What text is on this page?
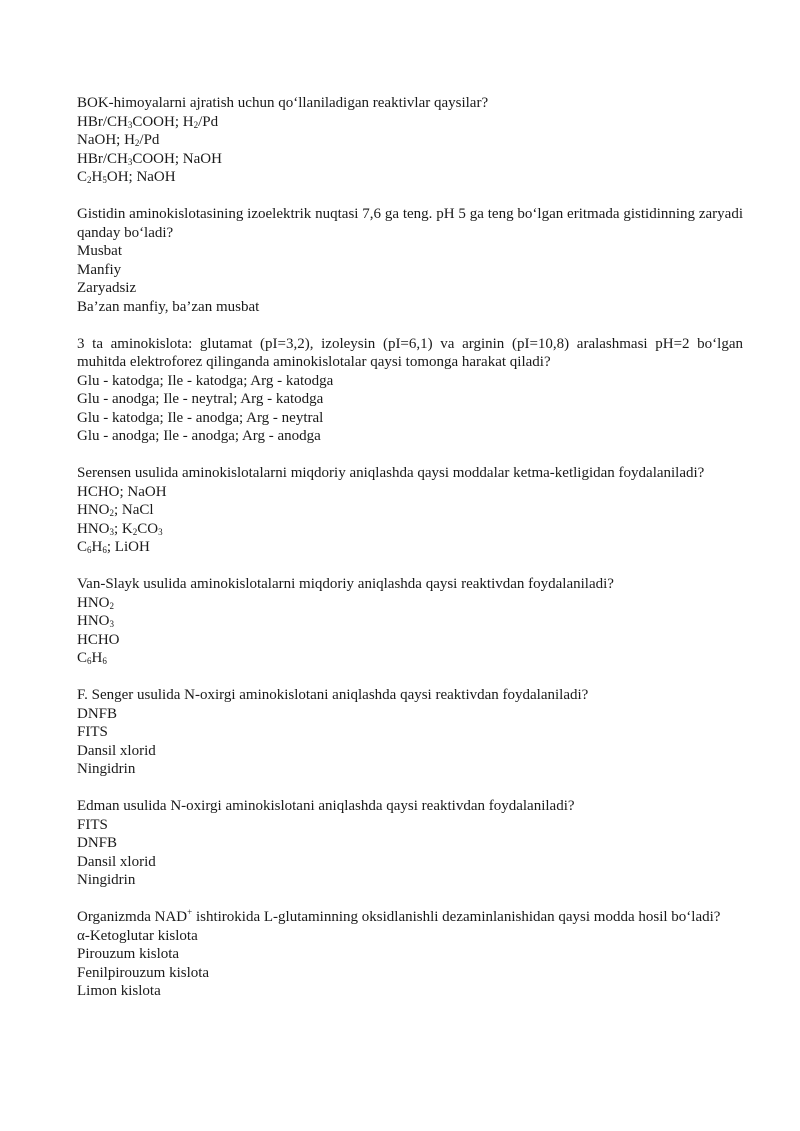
BOK-himoyalarni ajratish uchun qo‘llaniladigan reaktivlar qaysilar?
HBr/$CH_3COOH$; $H_2/Pd$
NaOH; $H_2/Pd$
HBr/$CH_3COOH$; NaOH
$C_2H_5OH$; NaOH
Gistidin aminokislotasining izoelektrik nuqtasi 7,6 ga teng. pH 5 ga teng bo‘lgan eritmada gistidinning zaryadi qanday bo‘ladi?
Musbat
Manfiy
Zaryadsiz
Ba’zan manfiy, ba’zan musbat
3 ta aminokislota: glutamat (pI=3,2), izoleysin (pI=6,1) va arginin (pI=10,8) aralashmasi pH=2 bo‘lgan muhitda elektroforez qilinganda aminokislotalar qaysi tomonga harakat qiladi?
Glu - katodga; Ile - katodga; Arg - katodga
Glu - anodga; Ile - neytral; Arg - katodga
Glu - katodga; Ile - anodga; Arg - neytral
Glu - anodga; Ile - anodga; Arg - anodga
Serensen usulida aminokislotalarni miqdoriy aniqlashda qaysi moddalar ketma-ketligidan foydalaniladi?
HCHO; NaOH
$HNO_2$; NaCl
$HNO_3$; $K_2CO_3$
$C_6H_6$; LiOH
Van-Slayk usulida aminokislotalarni miqdoriy aniqlashda qaysi reaktivdan foydalaniladi?
$HNO_2$
$HNO_3$
HCHO
$C_6H_6$
F. Senger usulida N-oxirgi aminokislotani aniqlashda qaysi reaktivdan foydalaniladi?
DNFB
FITS
Dansil xlorid
Ningidrin
Edman usulida N-oxirgi aminokislotani aniqlashda qaysi reaktivdan foydalaniladi?
FITS
DNFB
Dansil xlorid
Ningidrin
Organizmda NAD+ ishtirokida L-glutaminning oksidlanishli dezaminlanishidan qaysi modda hosil bo‘ladi?
α-Ketoglutar kislota
Pirouzum kislota
Fenilpirouzum kislota
Limon kislota
